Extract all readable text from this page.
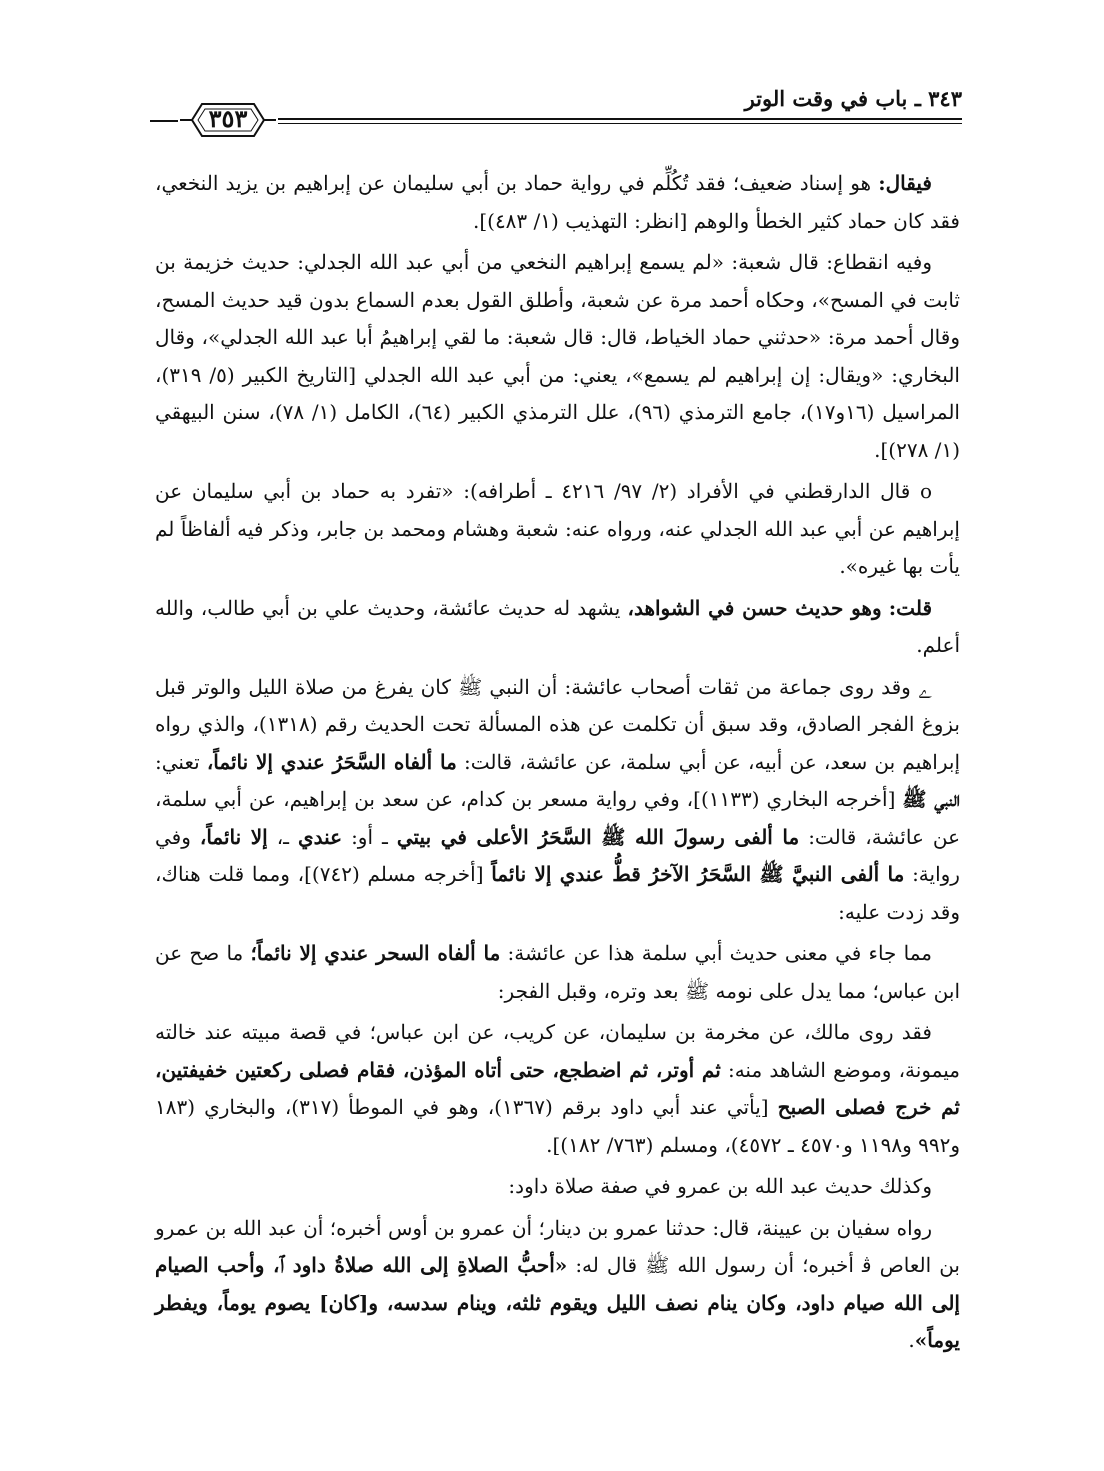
٣٤٣ ـ باب في وقت الوتر
٣٥٣

فيقال: هو إسناد ضعيف؛ فقد تُكُلِّم في رواية حماد بن أبي سليمان عن إبراهيم بن يزيد النخعي، فقد كان حماد كثير الخطأ والوهم [انظر: التهذيب (١/ ٤٨٣)].

وفيه انقطاع: قال شعبة: «لم يسمع إبراهيم النخعي من أبي عبد الله الجدلي: حديث خزيمة بن ثابت في المسح»، وحكاه أحمد مرة عن شعبة، وأطلق القول بعدم السماع بدون قيد حديث المسح، وقال أحمد مرة: «حدثني حماد الخياط، قال: قال شعبة: ما لقي إبراهيمُ أبا عبد الله الجدلي»، وقال البخاري: «ويقال: إن إبراهيم لم يسمع»، يعني: من أبي عبد الله الجدلي [التاريخ الكبير (٥/ ٣١٩)، المراسيل (١٦و١٧)، جامع الترمذي (٩٦)، علل الترمذي الكبير (٦٤)، الكامل (١/ ٧٨)، سنن البيهقي (١/ ٢٧٨)].

o قال الدارقطني في الأفراد (٢/ ٩٧/ ٤٢١٦ ـ أطرافه): «تفرد به حماد بن أبي سليمان عن إبراهيم عن أبي عبد الله الجدلي عنه، ورواه عنه: شعبة وهشام ومحمد بن جابر، وذكر فيه ألفاظاً لم يأت بها غيره».

قلت: وهو حديث حسن في الشواهد، يشهد له حديث عائشة، وحديث علي بن أبي طالب، والله أعلم.

ﮮ وقد روى جماعة من ثقات أصحاب عائشة: أن النبي ﷺ كان يفرغ من صلاة الليل والوتر قبل بزوغ الفجر الصادق، وقد سبق أن تكلمت عن هذه المسألة تحت الحديث رقم (١٣١٨)، والذي رواه إبراهيم بن سعد، عن أبيه، عن أبي سلمة، عن عائشة، قالت: ما ألفاه السَّحَرُ عندي إلا نائماً، تعني: النبي ﷺ [أخرجه البخاري (١١٣٣)]، وفي رواية مسعر بن كدام، عن سعد بن إبراهيم، عن أبي سلمة، عن عائشة، قالت: ما ألفى رسولَ الله ﷺ السَّحَرُ الأعلى في بيتي ـ أو: عندي ـ، إلا نائماً، وفي رواية: ما ألفى النبيَّ ﷺ السَّحَرُ الآخرُ قطُّ عندي إلا نائماً [أخرجه مسلم (٧٤٢)]، ومما قلت هناك، وقد زدت عليه:

مما جاء في معنى حديث أبي سلمة هذا عن عائشة: ما ألفاه السحر عندي إلا نائماً؛ ما صح عن ابن عباس؛ مما يدل على نومه ﷺ بعد وتره، وقبل الفجر:

فقد روى مالك، عن مخرمة بن سليمان، عن كريب، عن ابن عباس؛ في قصة مبيته عند خالته ميمونة، وموضع الشاهد منه: ثم أوتر، ثم اضطجع، حتى أتاه المؤذن، فقام فصلى ركعتين خفيفتين، ثم خرج فصلى الصبح [يأتي عند أبي داود برقم (١٣٦٧)، وهو في الموطأ (٣١٧)، والبخاري (١٨٣ و٩٩٢ و١١٩٨ و٤٥٧٠ ـ ٤٥٧٢)، ومسلم (٧٦٣/ ١٨٢)].

وكذلك حديث عبد الله بن عمرو في صفة صلاة داود:

رواه سفيان بن عيينة، قال: حدثنا عمرو بن دينار؛ أن عمرو بن أوس أخبره؛ أن عبد الله بن عمرو بن العاص ﭬ أخبره؛ أن رسول الله ﷺ قال له: «أحبُّ الصلاةِ إلى الله صلاةُ داود ﭐ، وأحب الصيام إلى الله صيام داود، وكان ينام نصف الليل ويقوم ثلثه، وينام سدسه، و[كان] يصوم يوماً، ويفطر يوماً».
